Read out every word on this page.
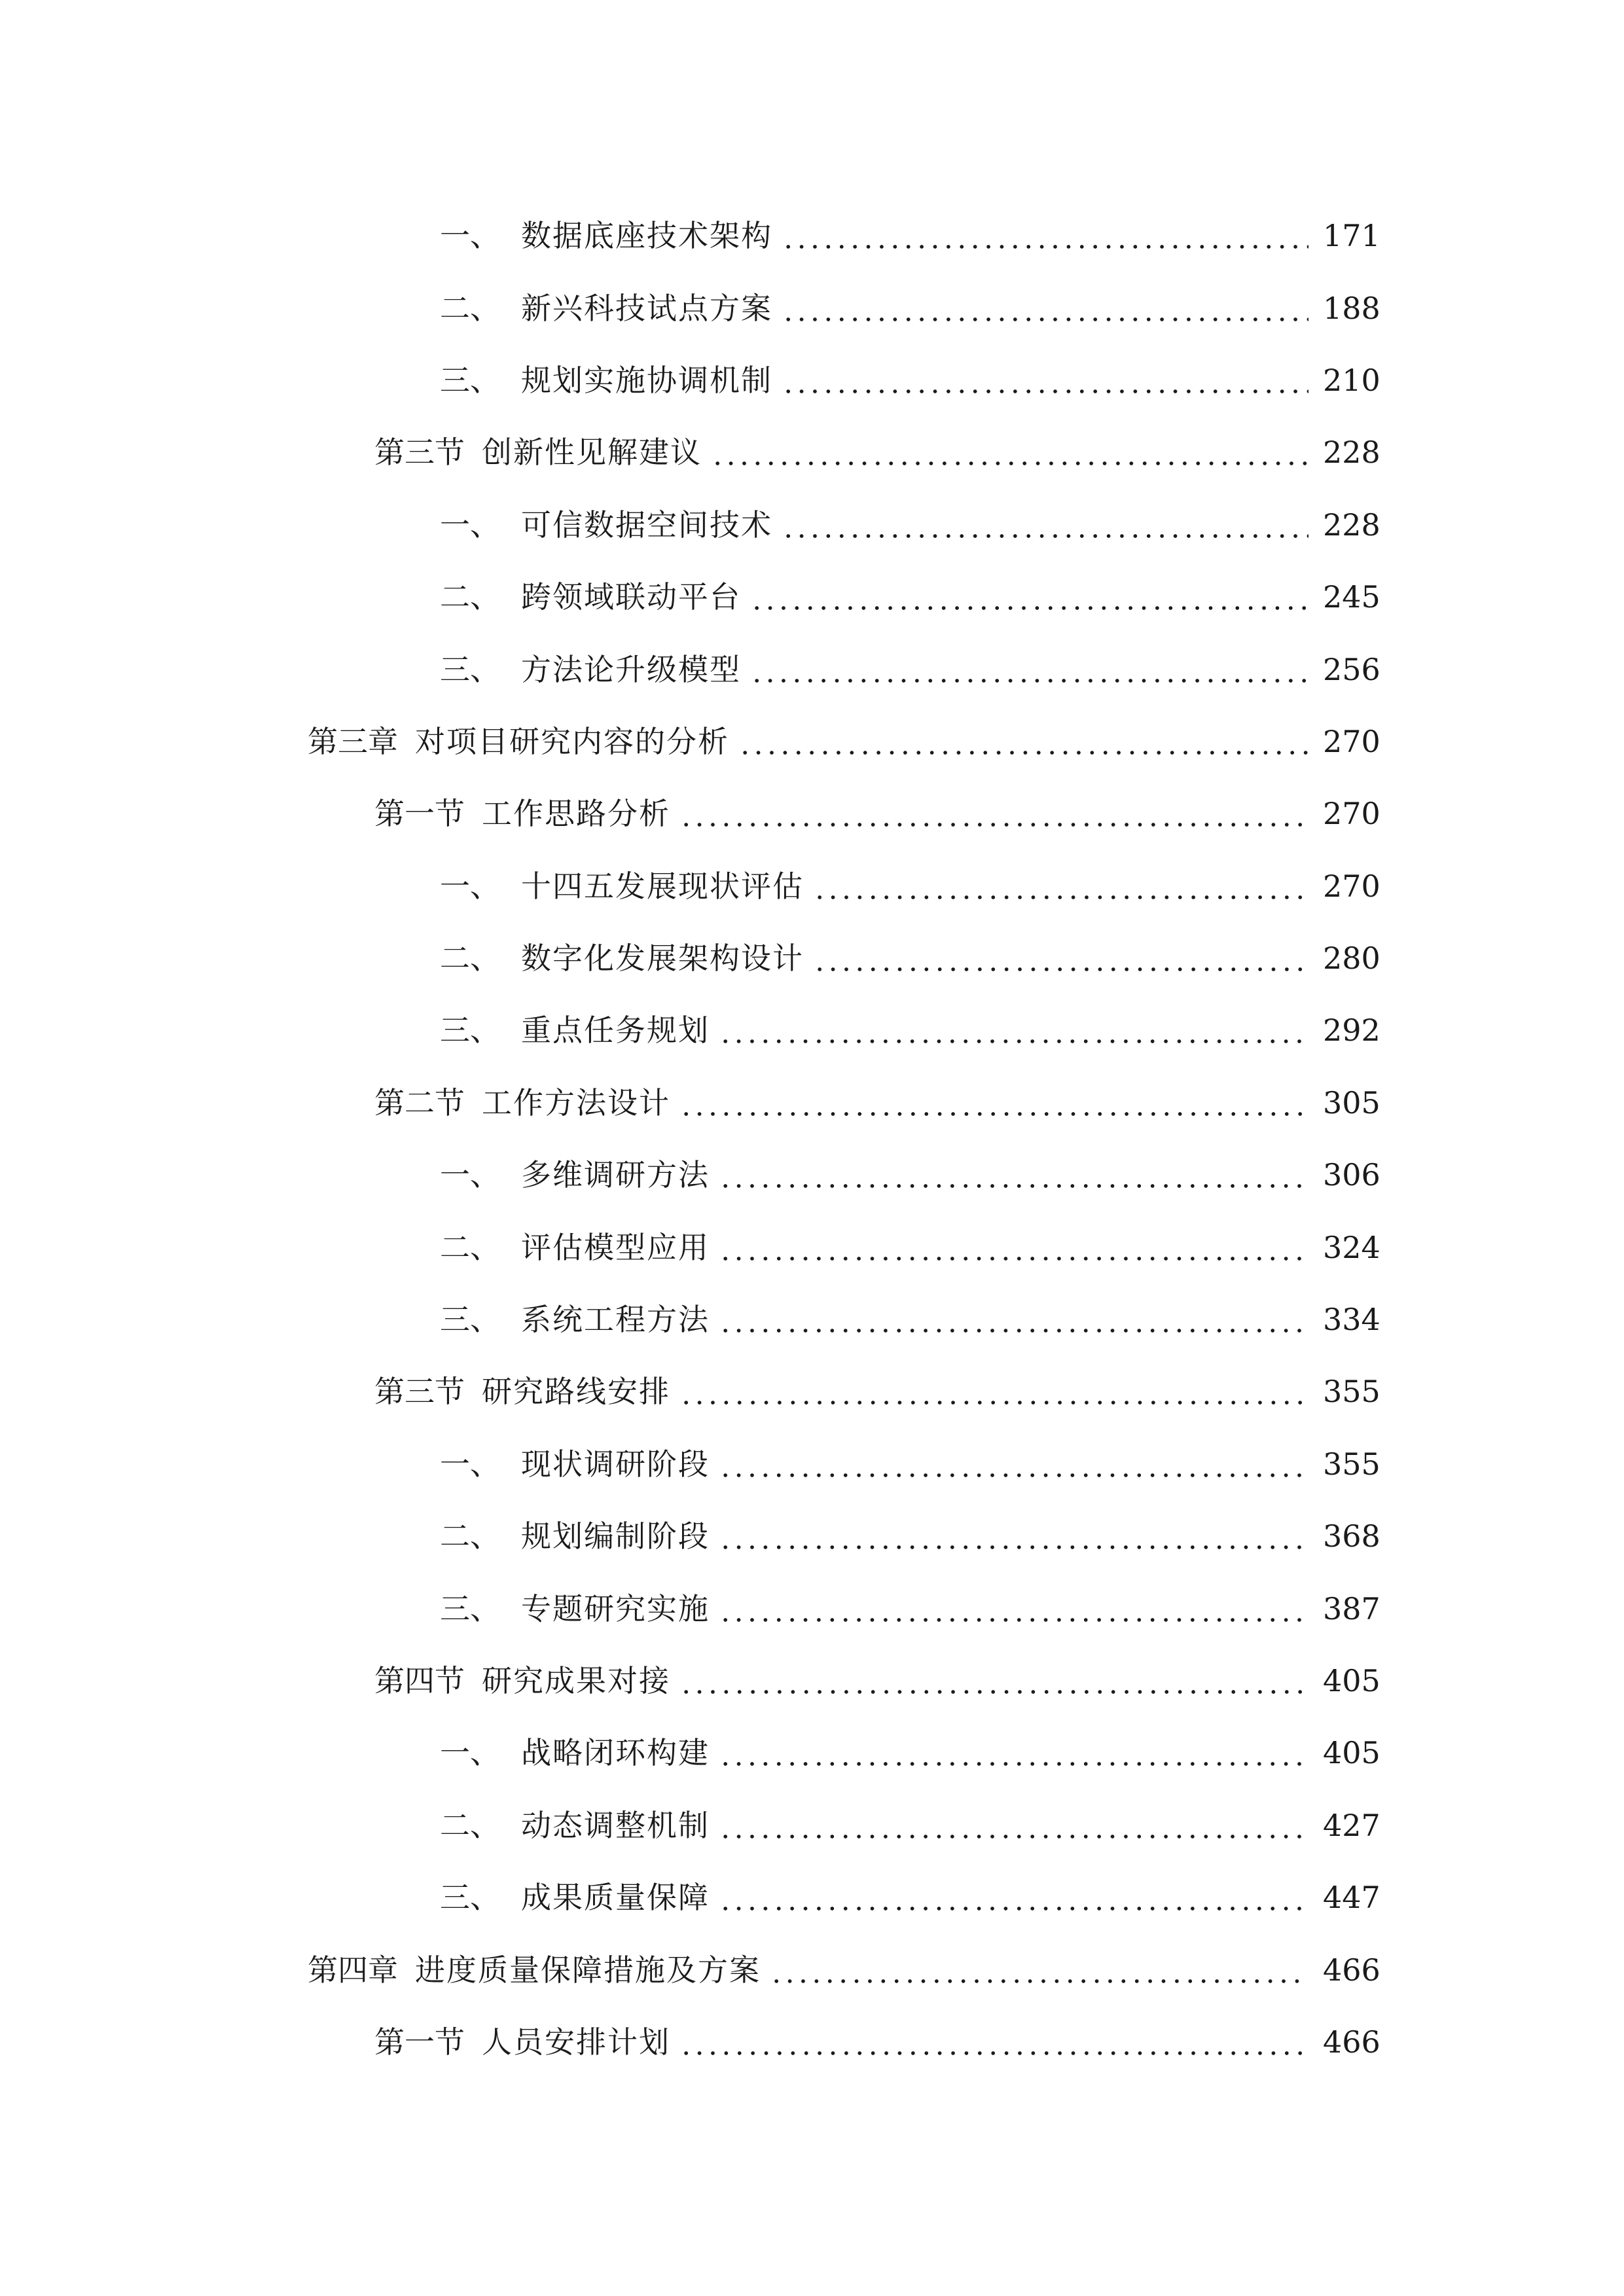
一、 数据底座技术架构	171
二、 新兴科技试点方案	188
三、 规划实施协调机制	210
第三节 创新性见解建议	228
一、 可信数据空间技术	228
二、 跨领域联动平台	245
三、 方法论升级模型	256
第三章 对项目研究内容的分析	270
第一节 工作思路分析	270
一、 十四五发展现状评估	270
二、 数字化发展架构设计	280
三、 重点任务规划	292
第二节 工作方法设计	305
一、 多维调研方法	306
二、 评估模型应用	324
三、 系统工程方法	334
第三节 研究路线安排	355
一、 现状调研阶段	355
二、 规划编制阶段	368
三、 专题研究实施	387
第四节 研究成果对接	405
一、 战略闭环构建	405
二、 动态调整机制	427
三、 成果质量保障	447
第四章 进度质量保障措施及方案	466
第一节 人员安排计划	466
